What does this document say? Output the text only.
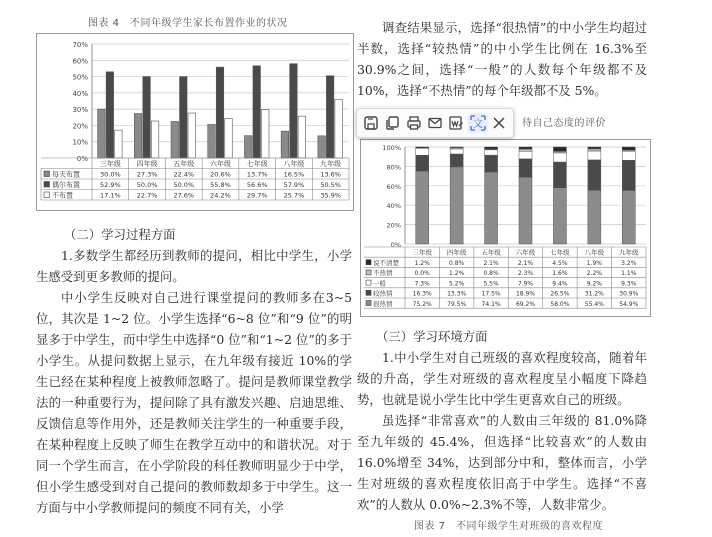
图表 4　不同年级学生家长布置作业的状况
0%
10%
20%
30%
40%
50%
60%
70%
三年级 四年级 五年级 六年级 七年级 八年级 九年级
每天布置	30.0% 27.3% 22.4% 20.6% 13.7% 16.5% 13.6%
偶尔布置	52.9% 50.0% 50.0% 55.8% 56.6% 57.9% 50.5%
不布置	17.1% 22.7% 27.6% 24.2% 29.7% 25.7% 35.9%
（二）学习过程方面

1.多数学生都经历到教师的提问，相比中学生，小学生感受到更多教师的提问。

中小学生反映对自己进行课堂提问的教师多在3~5 位，其次是 1~2 位。小学生选择“6~8 位”和“9 位”的明显多于中学生，而中学生中选择“0 位”和“1~2 位”的多于小学生。从提问数据上显示，在九年级有接近 10%的学生已经在某种程度上被教师忽略了。提问是教师课堂教学法的一种重要行为，提问除了具有激发兴趣、启迪思维、反馈信息等作用外，还是教师关注学生的一种重要手段，在某种程度上反映了师生在教学互动中的和谐状况。对于同一个学生而言，在小学阶段的科任教师明显少于中学，但小学生感受到对自己提问的教师数却多于中学生。这一方面与中小学教师提问的频度不同有关，小学

调查结果显示，选择“很热情”的中小学生均超过半数，选择“较热情”的中小学生比例在 16.3%至 30.9%之间，选择“一般”的人数每个年级都不及 10%，选择“不热情”的每个年级都不及 5%。

待自己态度的评价
0%
20%
40%
60%
80%
100%
三年级 四年级 五年级 六年级 七年级 八年级 九年级
说不清楚	1.2%	0.8%	2.1%	2.1%	4.5%	1.9%	3.2%
不热情	0.0%	1.2%	0.8%	2.3%	1.6%	2.2%	1.1%
一般	7.3%	5.2%	5.5%	7.9%	9.4%	9.2%	9.3%
较热情	16.3%	13.3%	17.5%	18.9%	26.5%	31.2%	30.9%
很热情	75.2%	79.5%	74.1%	69.2%	58.0%	55.4%	54.9%
（三）学习环境方面

1.中小学生对自己班级的喜欢程度较高，随着年级的升高，学生对班级的喜欢程度呈小幅度下降趋势，也就是说小学生比中学生更喜欢自己的班级。

虽选择“非常喜欢”的人数由三年级的 81.0%降至九年级的 45.4%，但选择“比较喜欢”的人数由 16.0%增至 34%，达到部分中和，整体而言，小学生对班级的喜欢程度依旧高于中学生。选择“不喜欢”的人数从 0.0%~2.3%不等，人数非常少。

图表 7　不同年级学生对班级的喜欢程度
文
